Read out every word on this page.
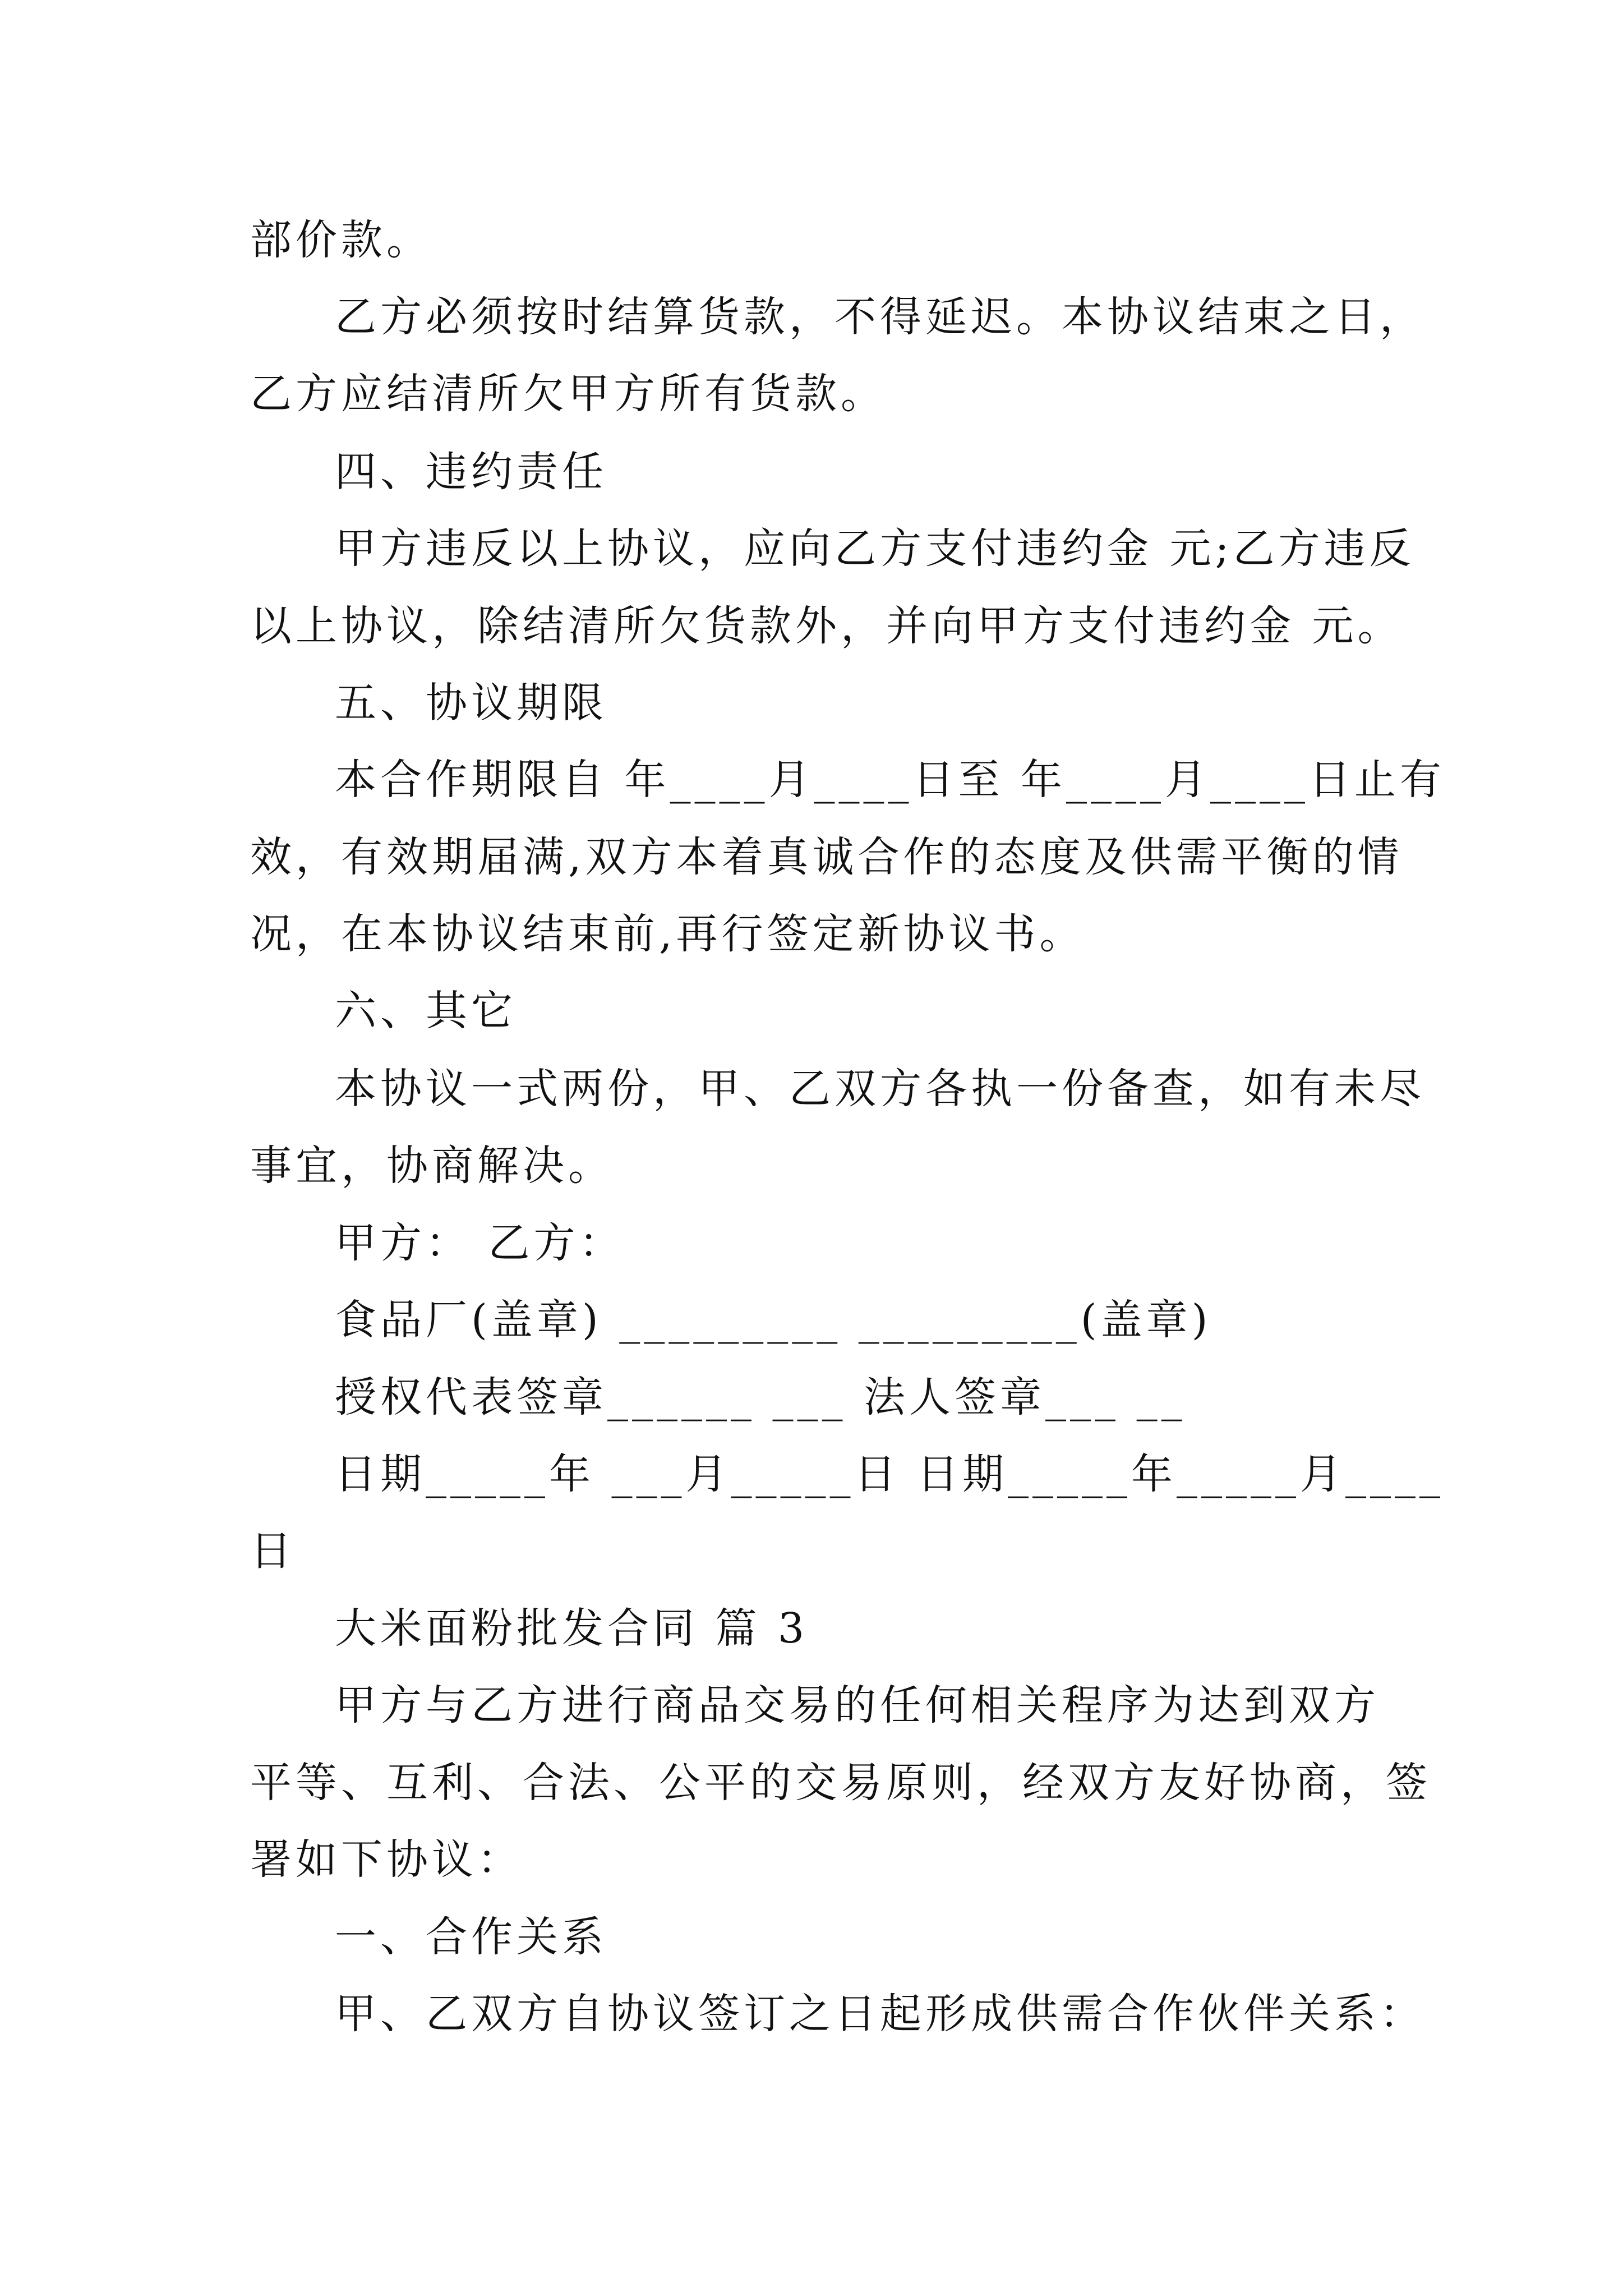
部价款。
乙方必须按时结算货款，不得延迟。本协议结束之日，
乙方应结清所欠甲方所有货款。
四、违约责任
甲方违反以上协议，应向乙方支付违约金 元;乙方违反
以上协议，除结清所欠货款外，并向甲方支付违约金 元。
五、协议期限
本合作期限自 年____月____日至 年____月____日止有
效，有效期届满,双方本着真诚合作的态度及供需平衡的情
况，在本协议结束前,再行签定新协议书。
六、其它
本协议一式两份，甲、乙双方各执一份备查，如有未尽
事宜，协商解决。
甲方： 乙方：
食品厂(盖章) _________ _________(盖章)
授权代表签章______ ___ 法人签章___ __
日期_____年 ___月_____日 日期_____年_____月____
日
大米面粉批发合同 篇 3
甲方与乙方进行商品交易的任何相关程序为达到双方
平等、互利、合法、公平的交易原则，经双方友好协商，签
署如下协议：
一、合作关系
甲、乙双方自协议签订之日起形成供需合作伙伴关系：
